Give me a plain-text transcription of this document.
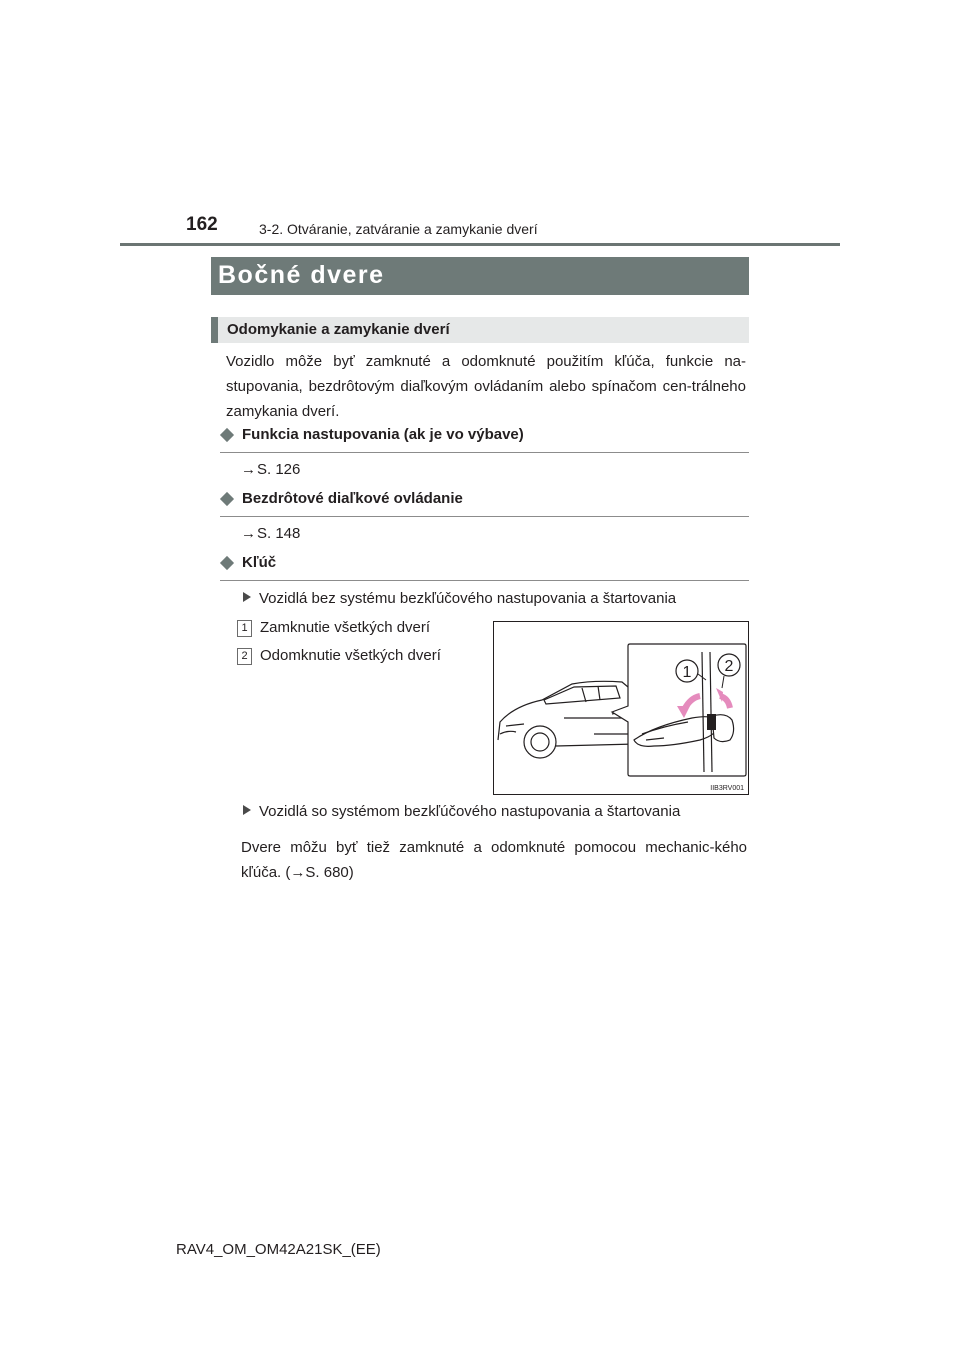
162	3-2. Otváranie, zatváranie a zamykanie dverí
Bočné dvere
Odomykanie a zamykanie dverí
Vozidlo môže byť zamknuté a odomknuté použitím kľúča, funkcie na-stupovania, bezdrôtovým diaľkovým ovládaním alebo spínačom cen-trálneho zamykania dverí.
Funkcia nastupovania (ak je vo výbave)
→S. 126
Bezdrôtové diaľkové ovládanie
→S. 148
Kľúč
Vozidlá bez systému bezkľúčového nastupovania a štartovania
1 Zamknutie všetkých dverí
2 Odomknutie všetkých dverí
1 2
IIB3RV001
Vozidlá so systémom bezkľúčového nastupovania a štartovania
Dvere môžu byť tiež zamknuté a odomknuté pomocou mechanic-kého kľúča. (→S. 680)
RAV4_OM_OM42A21SK_(EE)
carmanualsonline.info
